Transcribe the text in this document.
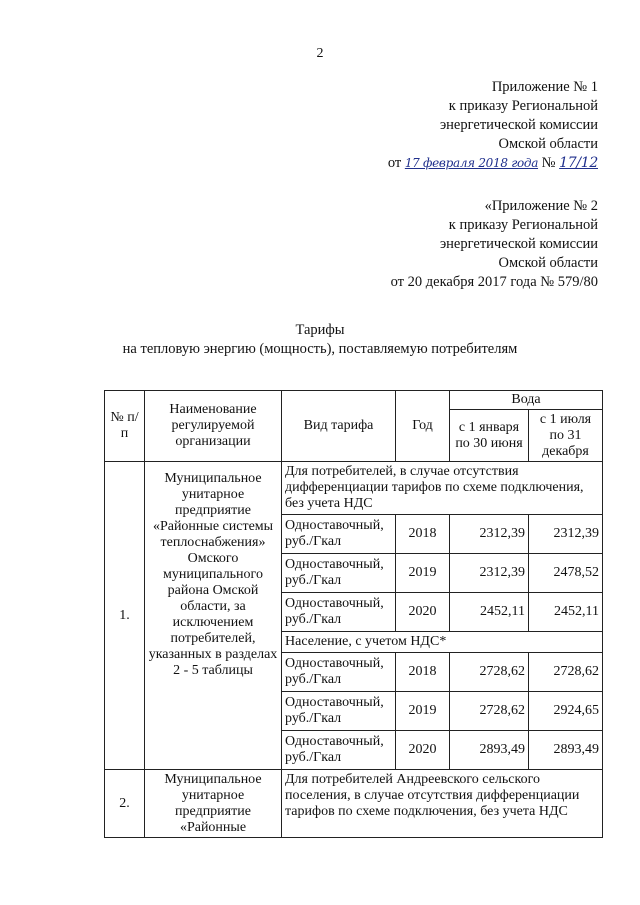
2
Приложение № 1
к приказу Региональной
энергетической комиссии
Омской области
от 17 февраля 2018 года № 17/12
«Приложение № 2
к приказу Региональной
энергетической комиссии
Омской области
от 20 декабря 2017 года № 579/80
Тарифы
на тепловую энергию (мощность), поставляемую потребителям
№ п/п	Наименование регулируемой организации	Вид тарифа	Год	Вода	
				с 1 января по 30 июня	с 1 июля по 31 декабря
1.	Муниципальное унитарное предприятие «Районные системы теплоснабжения» Омского муниципального района Омской области, за исключением потребителей, указанных в разделах 2 - 5 таблицы	Для потребителей, в случае отсутствия дифференциации тарифов по схеме подключения, без учета НДС			
		Одноставочный, руб./Гкал	2018	2312,39	2312,39
		Одноставочный, руб./Гкал	2019	2312,39	2478,52
		Одноставочный, руб./Гкал	2020	2452,11	2452,11
		Население, с учетом НДС*			
		Одноставочный, руб./Гкал	2018	2728,62	2728,62
		Одноставочный, руб./Гкал	2019	2728,62	2924,65
		Одноставочный, руб./Гкал	2020	2893,49	2893,49
2.	Муниципальное унитарное предприятие «Районные	Для потребителей Андреевского сельского поселения, в случае отсутствия дифференциации тарифов по схеме подключения, без учета НДС			
